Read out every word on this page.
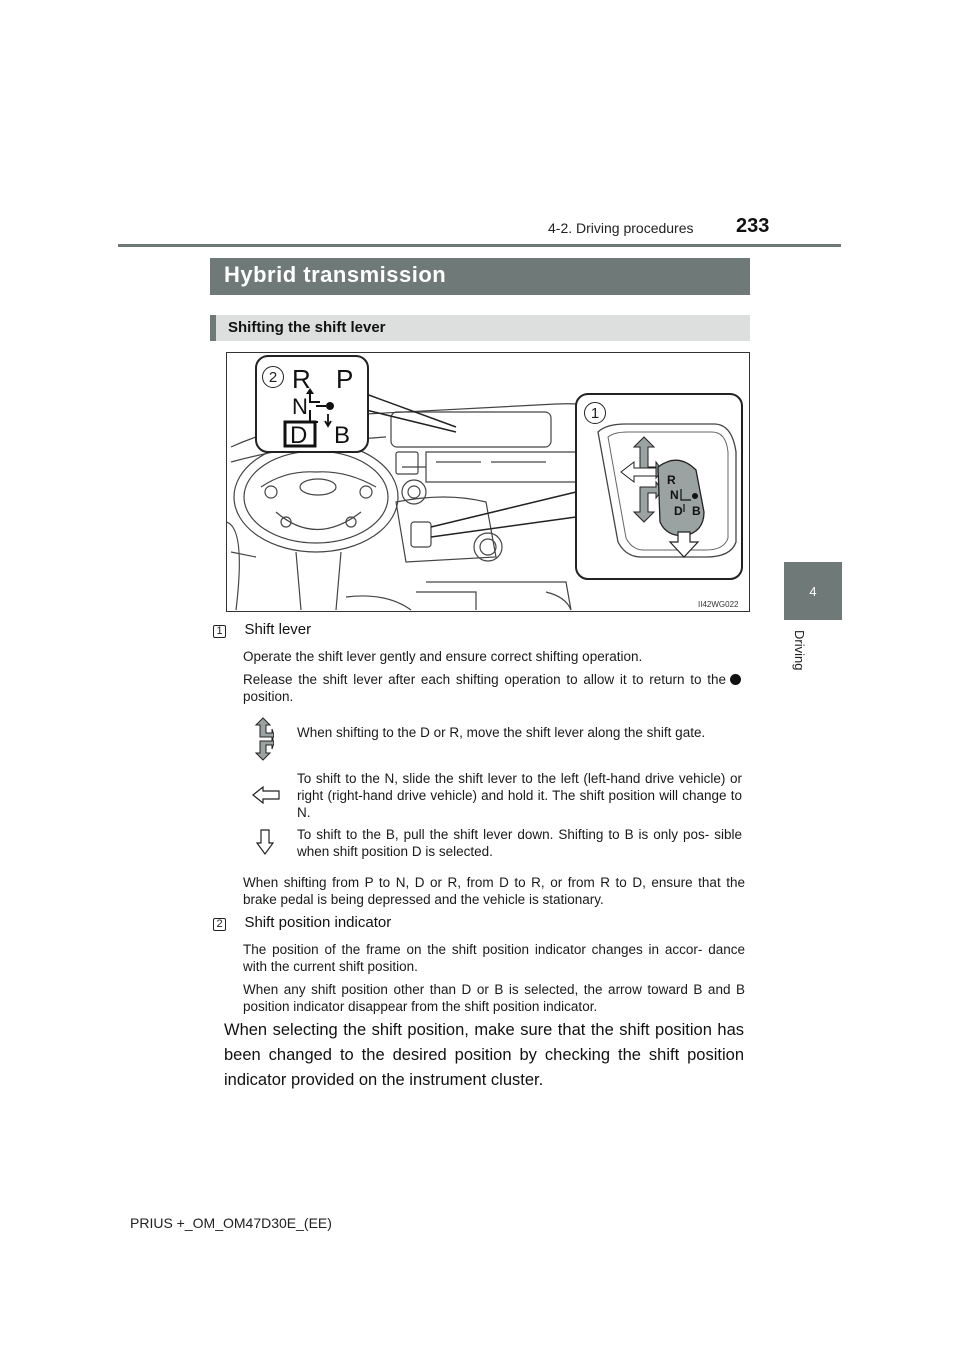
4-2. Driving procedures 233
4
Driving
Hybrid transmission
Shifting the shift lever
2
1
R P
N
D B
R
N
D B
II42WG022
1 Shift lever
Operate the shift lever gently and ensure correct shifting operation.
Release the shift lever after each shifting operation to allow it to return to theposition.
When shifting to the D or R, move the shift lever along the shift gate.
To shift to the N, slide the shift lever to the left (left-hand drive vehicle) or right (right-hand drive vehicle) and hold it. The shift position will change to N.
To shift to the B, pull the shift lever down. Shifting to B is only pos- sible when shift position D is selected.
When shifting from P to N, D or R, from D to R, or from R to D, ensure that the brake pedal is being depressed and the vehicle is stationary.
2 Shift position indicator
The position of the frame on the shift position indicator changes in accor- dance with the current shift position.
When any shift position other than D or B is selected, the arrow toward B and B position indicator disappear from the shift position indicator.
When selecting the shift position, make sure that the shift position has been changed to the desired position by checking the shift position indicator provided on the instrument cluster.
PRIUS +_OM_OM47D30E_(EE)
